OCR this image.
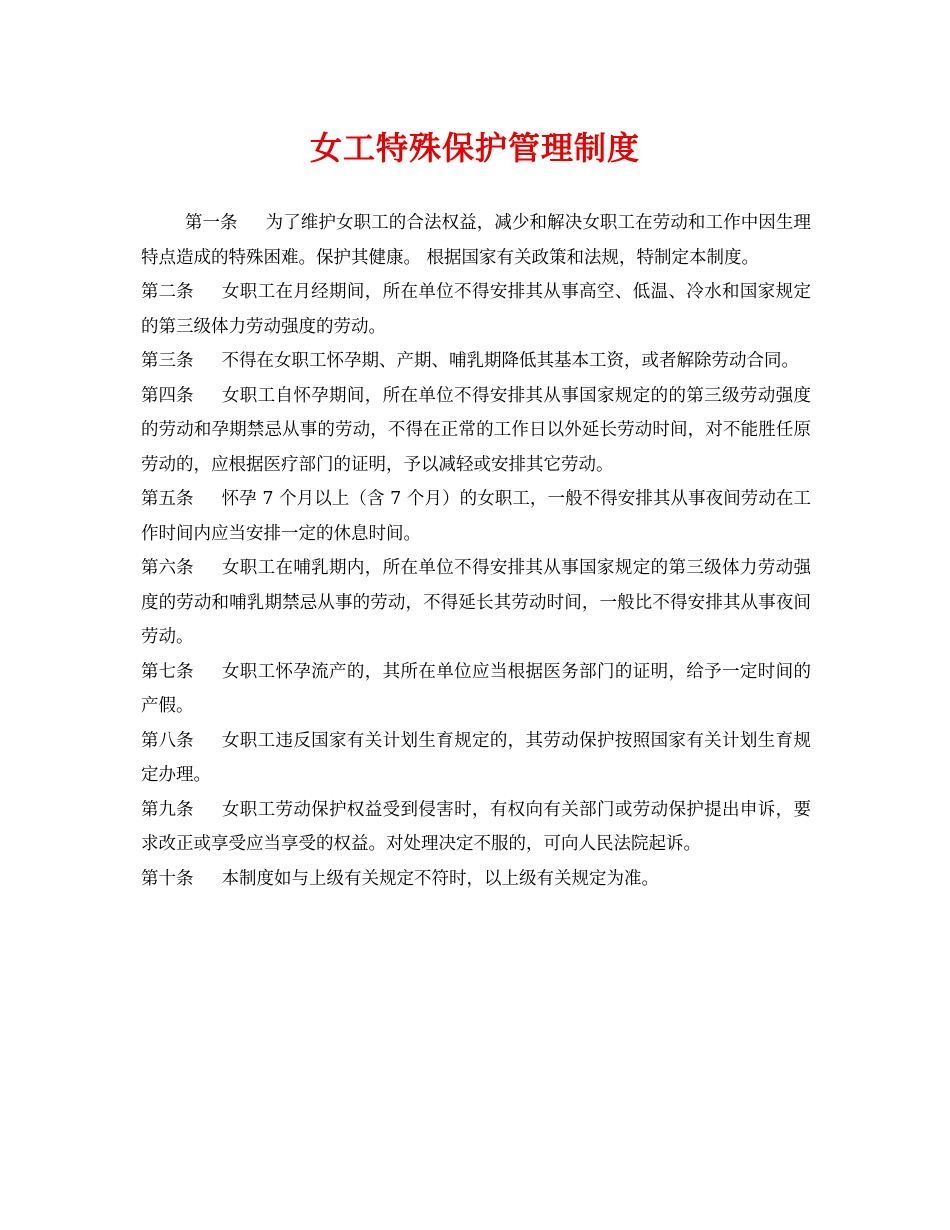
女工特殊保护管理制度

第一条 为了维护女职工的合法权益，减少和解决女职工在劳动和工作中因生理特点造成的特殊困难。保护其健康。 根据国家有关政策和法规，特制定本制度。

第二条 女职工在月经期间，所在单位不得安排其从事高空、低温、冷水和国家规定的第三级体力劳动强度的劳动。

第三条 不得在女职工怀孕期、产期、哺乳期降低其基本工资，或者解除劳动合同。

第四条 女职工自怀孕期间，所在单位不得安排其从事国家规定的的第三级劳动强度的劳动和孕期禁忌从事的劳动，不得在正常的工作日以外延长劳动时间，对不能胜任原劳动的，应根据医疗部门的证明，予以减轻或安排其它劳动。

第五条 怀孕 7 个月以上（含 7 个月）的女职工，一般不得安排其从事夜间劳动在工作时间内应当安排一定的休息时间。

第六条 女职工在哺乳期内，所在单位不得安排其从事国家规定的第三级体力劳动强度的劳动和哺乳期禁忌从事的劳动，不得延长其劳动时间，一般比不得安排其从事夜间劳动。

第七条 女职工怀孕流产的，其所在单位应当根据医务部门的证明，给予一定时间的产假。

第八条 女职工违反国家有关计划生育规定的，其劳动保护按照国家有关计划生育规定办理。

第九条 女职工劳动保护权益受到侵害时，有权向有关部门或劳动保护提出申诉，要求改正或享受应当享受的权益。对处理决定不服的，可向人民法院起诉。

第十条 本制度如与上级有关规定不符时，以上级有关规定为准。
